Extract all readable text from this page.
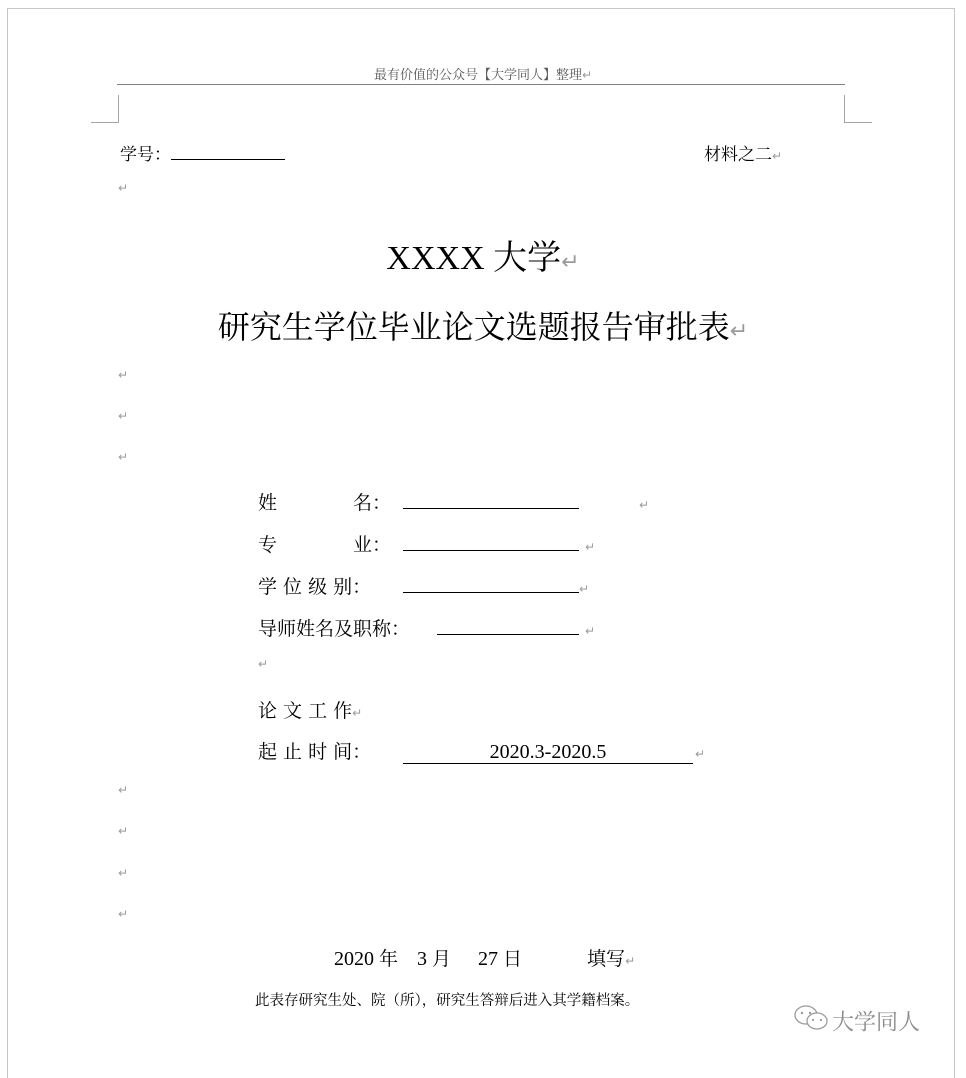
最有价值的公众号【大学同人】整理↵
学号：	材料之二↵
↵
XXXX 大学↵
研究生学位毕业论文选题报告审批表↵
↵
↵
↵
姓　　　　名：	↵
专　　　　业：	↵
学 位 级 别：	↵
导师姓名及职称：	↵
↵
论 文 工 作↵
起 止 时 间：	2020.3-2020.5	↵
↵
↵
↵
↵
2020 年 3 月 27 日	填写↵
此表存研究生处、院（所），研究生答辩后进入其学籍档案。
大学同人
